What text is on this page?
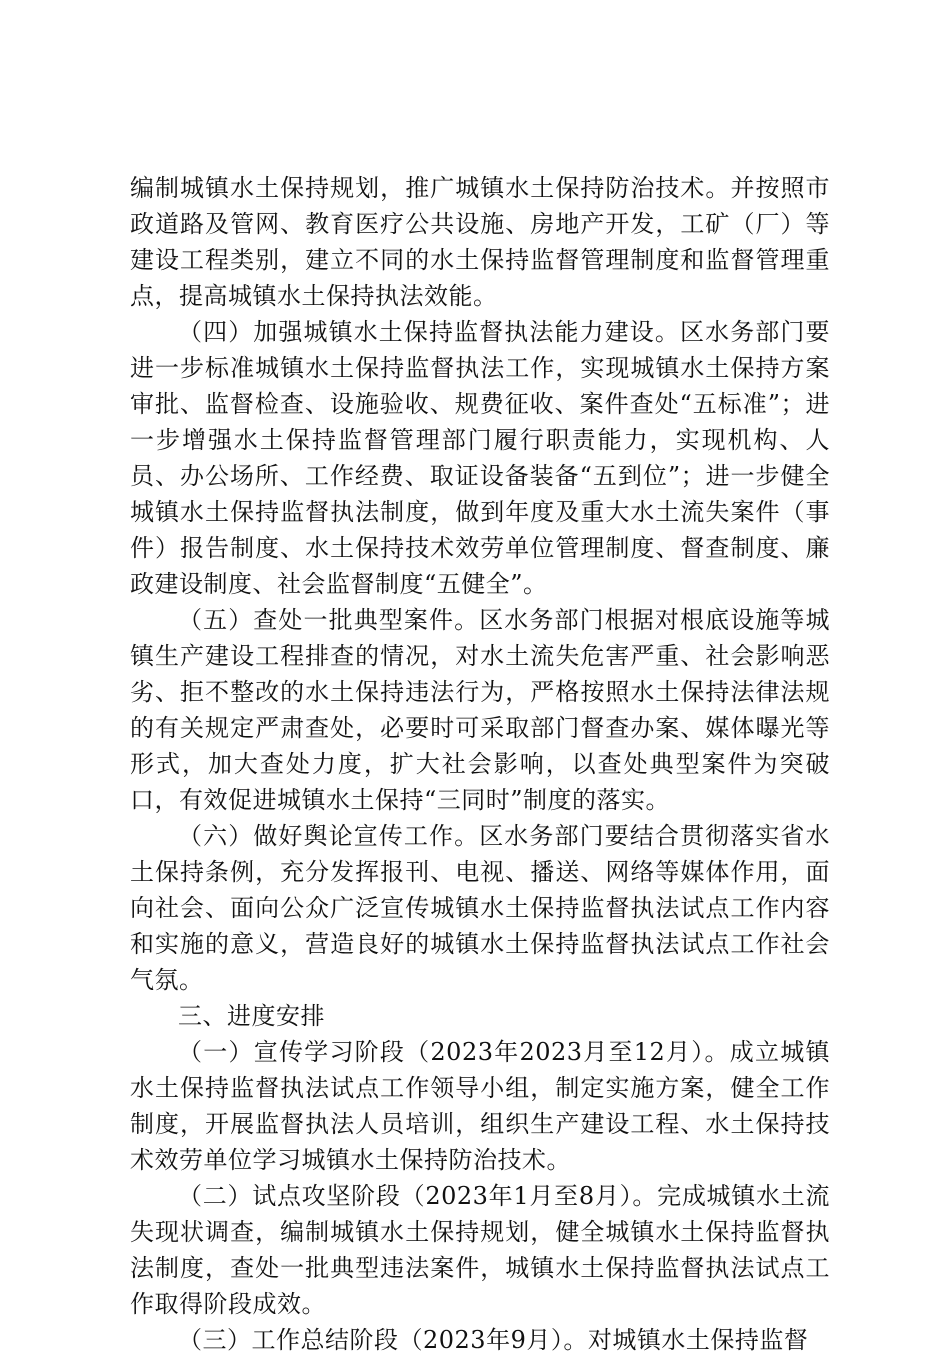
编制城镇水土保持规划，推广城镇水土保持防治技术。并按照市政道路及管网、教育医疗公共设施、房地产开发，工矿（厂）等建设工程类别，建立不同的水土保持监督管理制度和监督管理重点，提高城镇水土保持执法效能。

（四）加强城镇水土保持监督执法能力建设。区水务部门要进一步标准城镇水土保持监督执法工作，实现城镇水土保持方案审批、监督检查、设施验收、规费征收、案件查处“五标准”；进一步增强水土保持监督管理部门履行职责能力，实现机构、人员、办公场所、工作经费、取证设备装备“五到位”；进一步健全城镇水土保持监督执法制度，做到年度及重大水土流失案件（事件）报告制度、水土保持技术效劳单位管理制度、督查制度、廉政建设制度、社会监督制度“五健全”。

（五）查处一批典型案件。区水务部门根据对根底设施等城镇生产建设工程排查的情况，对水土流失危害严重、社会影响恶劣、拒不整改的水土保持违法行为，严格按照水土保持法律法规的有关规定严肃查处，必要时可采取部门督查办案、媒体曝光等形式，加大查处力度，扩大社会影响，以查处典型案件为突破口，有效促进城镇水土保持“三同时”制度的落实。

（六）做好舆论宣传工作。区水务部门要结合贯彻落实省水土保持条例，充分发挥报刊、电视、播送、网络等媒体作用，面向社会、面向公众广泛宣传城镇水土保持监督执法试点工作内容和实施的意义，营造良好的城镇水土保持监督执法试点工作社会气氛。

三、进度安排

（一）宣传学习阶段（2023年2023月至12月）。成立城镇水土保持监督执法试点工作领导小组，制定实施方案，健全工作制度，开展监督执法人员培训，组织生产建设工程、水土保持技术效劳单位学习城镇水土保持防治技术。

（二）试点攻坚阶段（2023年1月至8月）。完成城镇水土流失现状调查，编制城镇水土保持规划，健全城镇水土保持监督执法制度，查处一批典型违法案件，城镇水土保持监督执法试点工作取得阶段成效。

（三）工作总结阶段（2023年9月）。对城镇水土保持监督
